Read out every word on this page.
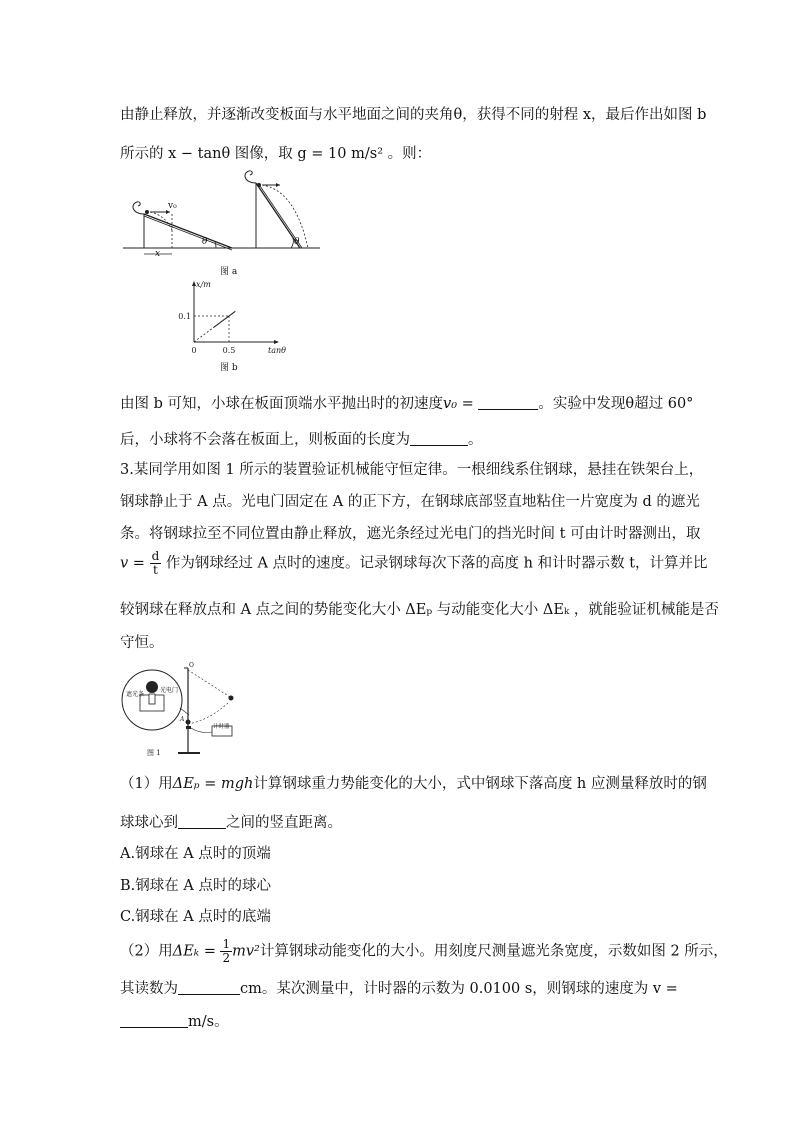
由静止释放，并逐渐改变板面与水平地面之间的夹角θ，获得不同的射程 x，最后作出如图 b
所示的 x − tanθ 图像，取 g = 10 m/s² 。则：
v₀
x
θ	θ
图 a
x/m
0.1
0	0.5	tanθ
图 b
由图 b 可知，小球在板面顶端水平抛出时的初速度v₀ =	。实验中发现θ超过 60°
后，小球将不会落在板面上，则板面的长度为	。
3.某同学用如图 1 所示的装置验证机械能守恒定律。一根细线系住钢球，悬挂在铁架台上，
钢球静止于 A 点。光电门固定在 A 的正下方，在钢球底部竖直地粘住一片宽度为 d 的遮光
条。将钢球拉至不同位置由静止释放，遮光条经过光电门的挡光时间 t 可由计时器测出，取
$v = \frac{d}{t}$ 作为钢球经过 A 点时的速度。记录钢球每次下落的高度 h 和计时器示数 t，计算并比
较钢球在释放点和 A 点之间的势能变化大小 ΔEₚ 与动能变化大小 ΔEₖ ，就能验证机械能是否
守恒。
遮光条
光电门
计时器
A
O
图 1
（1）用ΔEₚ = mgh计算钢球重力势能变化的大小，式中钢球下落高度 h 应测量释放时的钢
球球心到	之间的竖直距离。
A.钢球在 A 点时的顶端
B.钢球在 A 点时的球心
C.钢球在 A 点时的底端
（2）用$\Delta E_k = \frac{1}{2} mv^2$计算钢球动能变化的大小。用刻度尺测量遮光条宽度，示数如图 2 所示，
其读数为	cm。某次测量中，计时器的示数为 0.0100 s，则钢球的速度为 v =
m/s。
